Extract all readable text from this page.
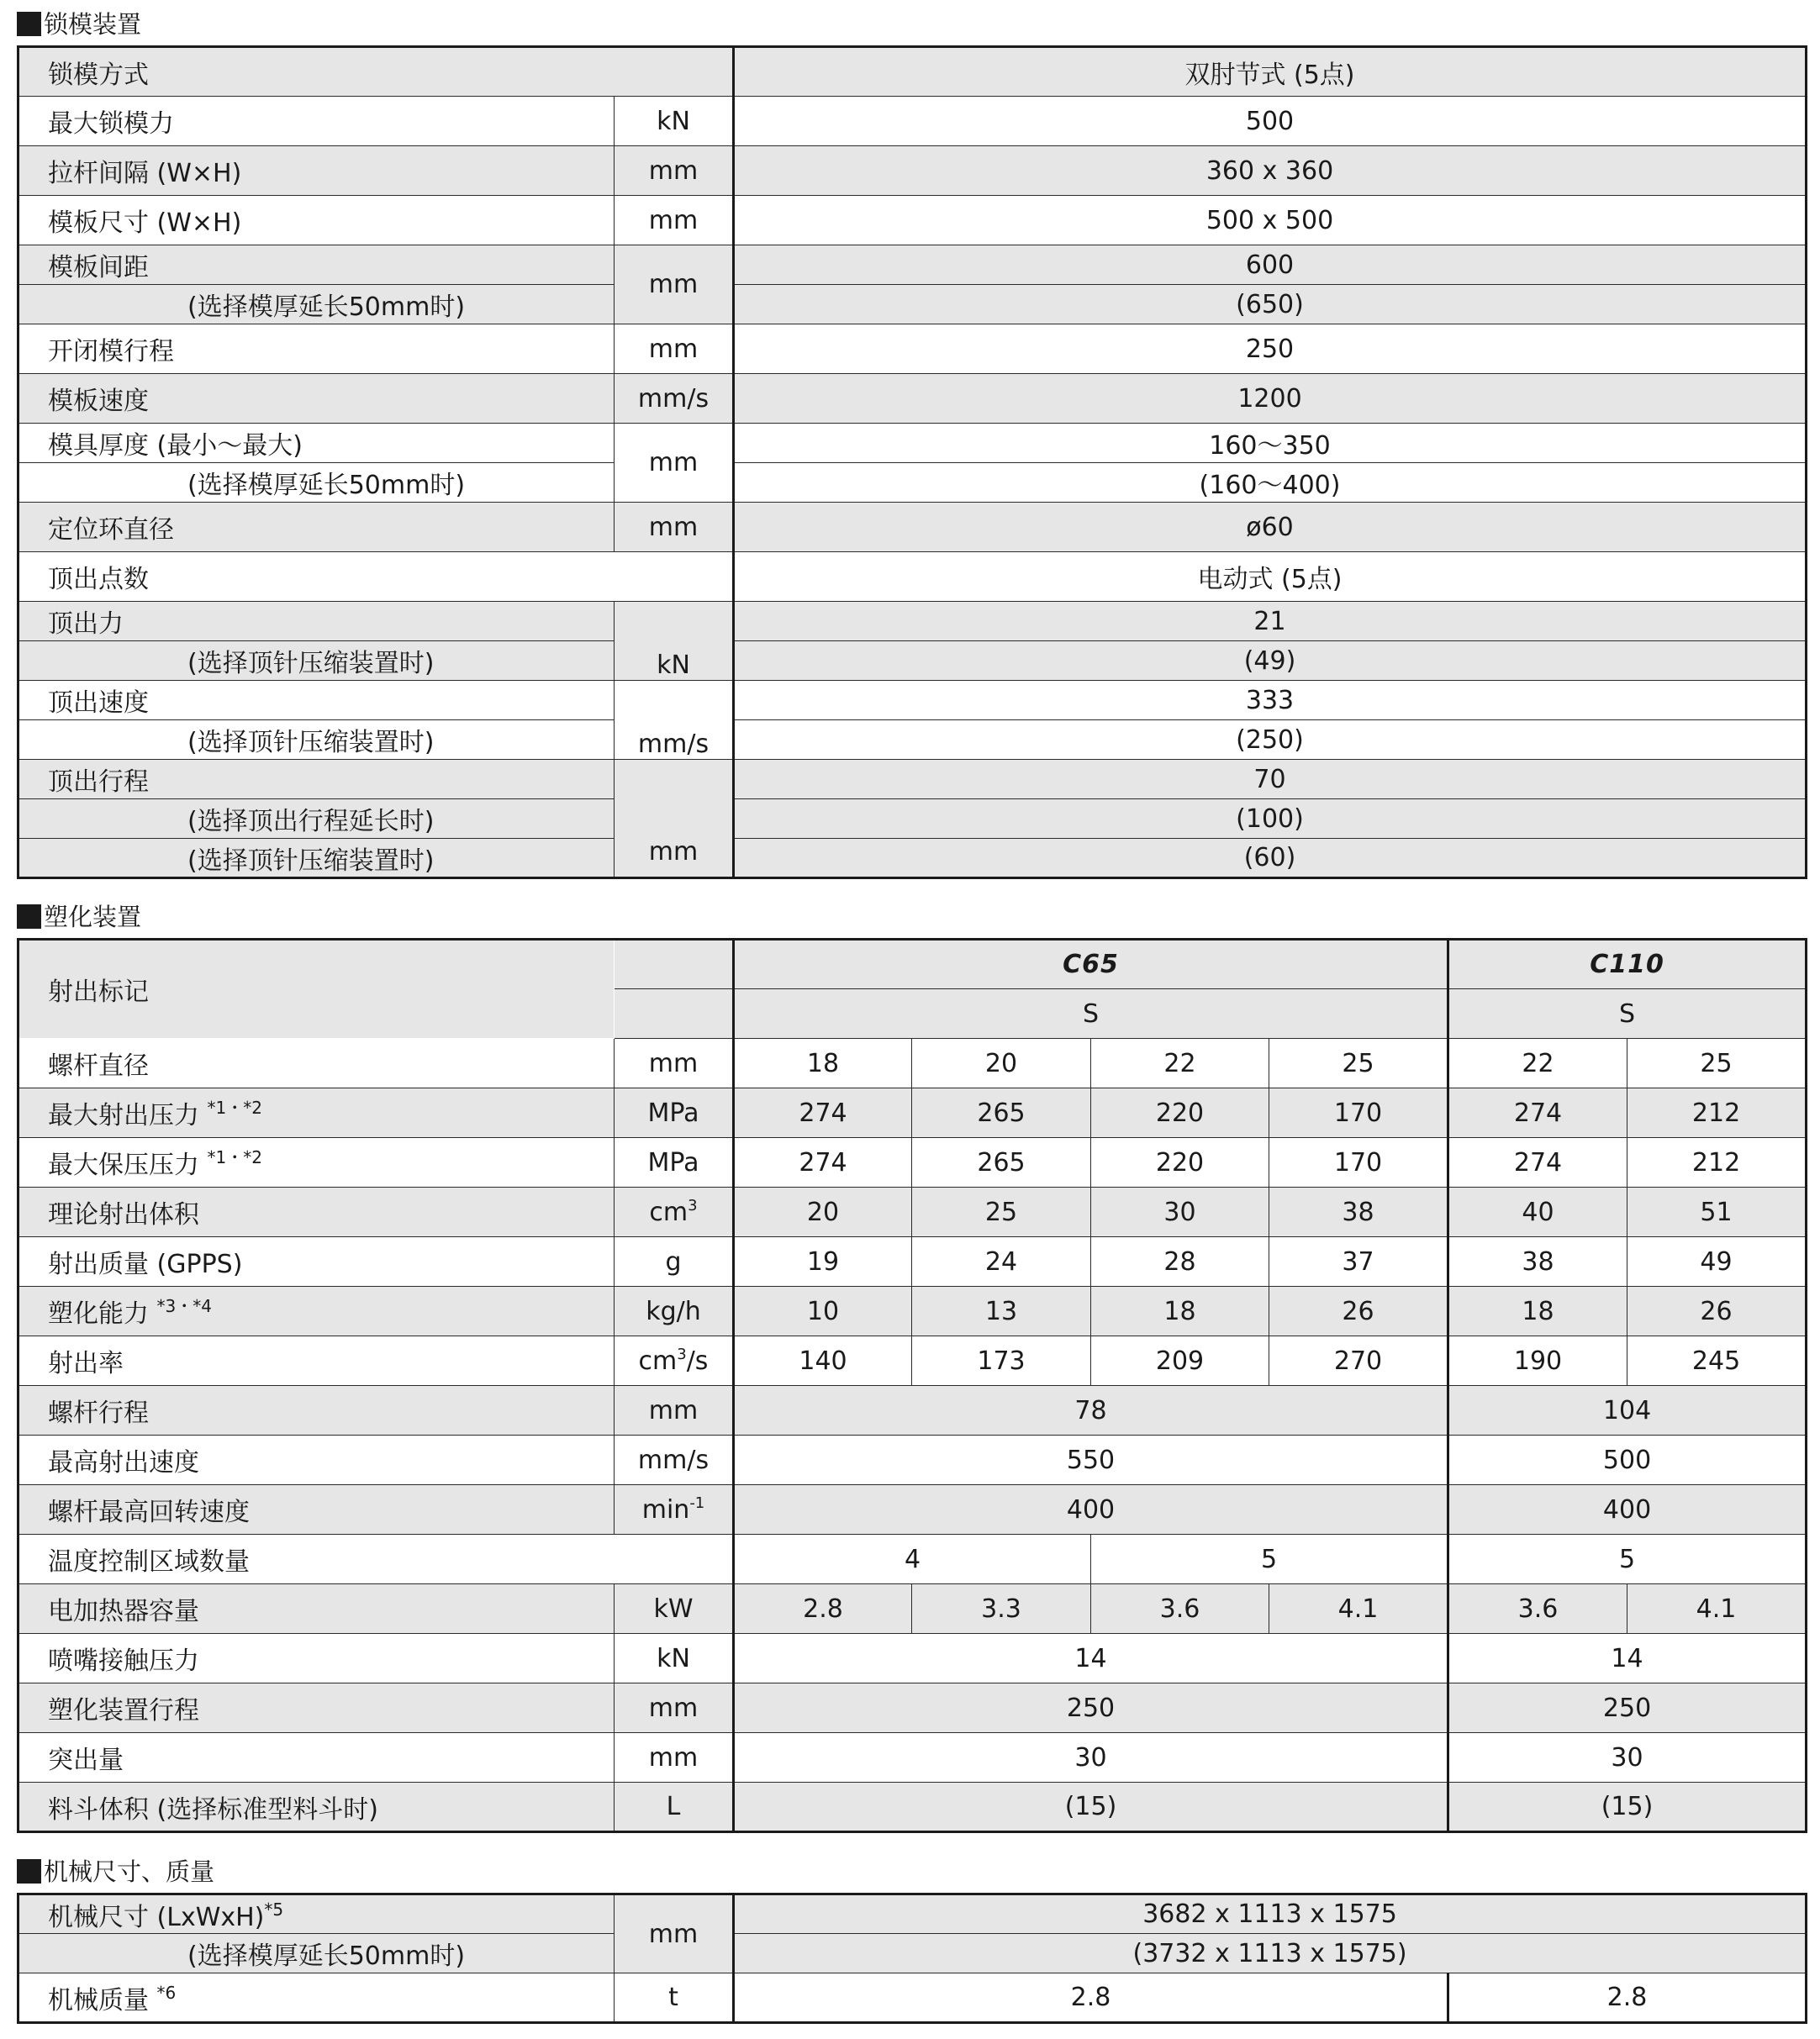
锁模装置
锁模方式		双肘节式 (5点)
最大锁模力	kN	500
拉杆间隔 (W×H)	mm	360 x 360
模板尺寸 (W×H)	mm	500 x 500
模板间距	mm	600
(选择模厚延长50mm时)		(650)
开闭模行程	mm	250
模板速度	mm/s	1200
模具厚度 (最小～最大)	mm	160～350
(选择模厚延长50mm时)		(160～400)
定位环直径	mm	ø60
顶出点数		电动式 (5点)
顶出力	kN	21
(选择顶针压缩装置时)		(49)
顶出速度	mm/s	333
(选择顶针压缩装置时)		(250)
顶出行程	mm	70
(选择顶出行程延长时)		(100)
(选择顶针压缩装置时)		(60)
塑化装置
射出标记		C65				C110	
		S				S	
螺杆直径	mm	18	20	22	25	22	25
最大射出压力 $^{*1・*2}$	MPa	274	265	220	170	274	212
最大保压压力 $^{*1・*2}$	MPa	274	265	220	170	274	212
理论射出体积	$cm^3$	20	25	30	38	40	51
射出质量 (GPPS)	g	19	24	28	37	38	49
塑化能力 $^{*3・*4}$	kg/h	10	13	18	26	18	26
射出率	$cm^3/s$	140	173	209	270	190	245
螺杆行程	mm	78				104	
最高射出速度	mm/s	550				500	
螺杆最高回转速度	$\min^{-1}$	400				400	
温度控制区域数量		4		5		5	
电加热器容量	kW	2.8	3.3	3.6	4.1	3.6	4.1
喷嘴接触压力	kN	14				14	
塑化装置行程	mm	250				250	
突出量	mm	30				30	
料斗体积 (选择标准型料斗时)	L	(15)				(15)	
机械尺寸、质量
机械尺寸 (LxWxH)$^{*5}$	mm	3682 x 1113 x 1575	
(选择模厚延长50mm时)		(3732 x 1113 x 1575)	
机械质量 $^{*6}$	t	2.8	2.8
